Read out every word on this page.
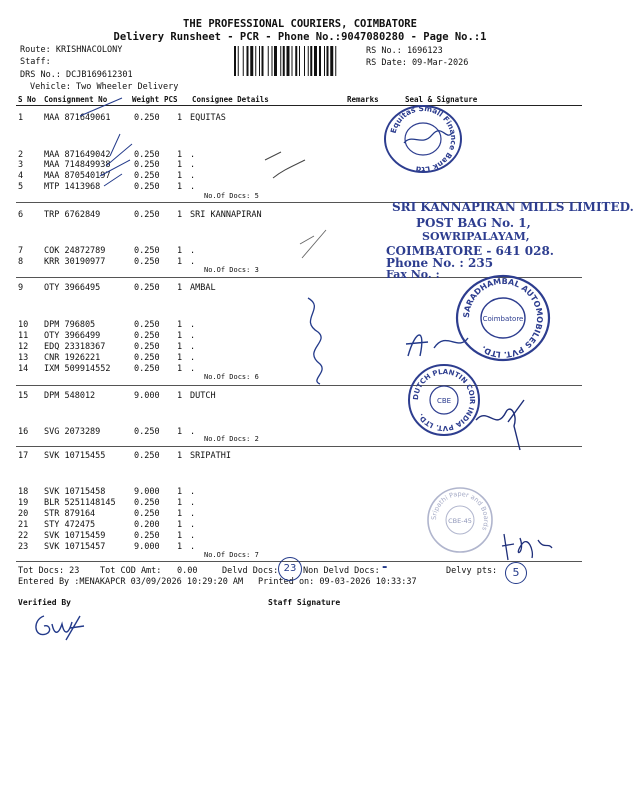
THE PROFESSIONAL COURIERS, COIMBATORE
Delivery Runsheet - PCR - Phone No.:9047080280 - Page No.:1
Route: KRISHNACOLONY
Staff:
DRS No.: DCJB169612301
Vehicle: Two Wheeler Delivery
RS No.: 1696123
RS Date: 09-Mar-2026
S No Consignment No	Weight PCS Consignee Details	Remarks	Seal & Signature
1 MAA 871649061	0.250 1 EQUITAS
2 MAA 871649042	0.250 1 .
3 MAA 714849938	0.250 1 .
4 MAA 870540197	0.250 1 .
5 MTP 1413968	0.250 1 .
No.Of Docs: 5
6 TRP 6762849	0.250 1 SRI KANNAPIRAN
7 COK 24872789	0.250 1 .
8 KRR 30190977	0.250 1 .
No.Of Docs: 3
9 OTY 3966495	0.250 1 AMBAL
10 DPM 796805	0.250 1 .
11 OTY 3966499	0.250 1 .
12 EDQ 23318367	0.250 1 .
13 CNR 1926221	0.250 1 .
14 IXM 509914552	0.250 1 .
No.Of Docs: 6
15 DPM 548012	9.000 1 DUTCH
16 SVG 2073289	0.250 1 .
No.Of Docs: 2
17 SVK 10715455	0.250 1 SRIPATHI
18 SVK 10715458	9.000 1 .
19 BLR 5251148145 0.250 1 .
20 STR 879164	0.250 1 .
21 STY 472475	0.200 1 .
22 SVK 10715459	0.250 1 .
23 SVK 10715457	9.000 1 .
No.Of Docs: 7
Tot Docs: 23 Tot COD Amt: 0.00	Delvd Docs:	Non Delvd Docs:	Delvy pts:
Entered By :MENAKAPCR 03/09/2026 10:29:20 AM Printed on: 09-03-2026 10:33:37
Verified By	Staff Signature
23	-	5
Equitas Small Finance Bank Ltd
SRI KANNAPIRAN MILLS LIMITED.
POST BAG No. 1,
SOWRIPALAYAM,
COIMBATORE - 641 028.
Phone No. : 235
Fax No. :
SARADHAMBAL AUTOMOBILES PVT. LTD.
Coimbatore
DUTCH PLANTIN COIR INDIA PVT. LTD.
CBE
Sripathi Paper and Boards
CBE-45
